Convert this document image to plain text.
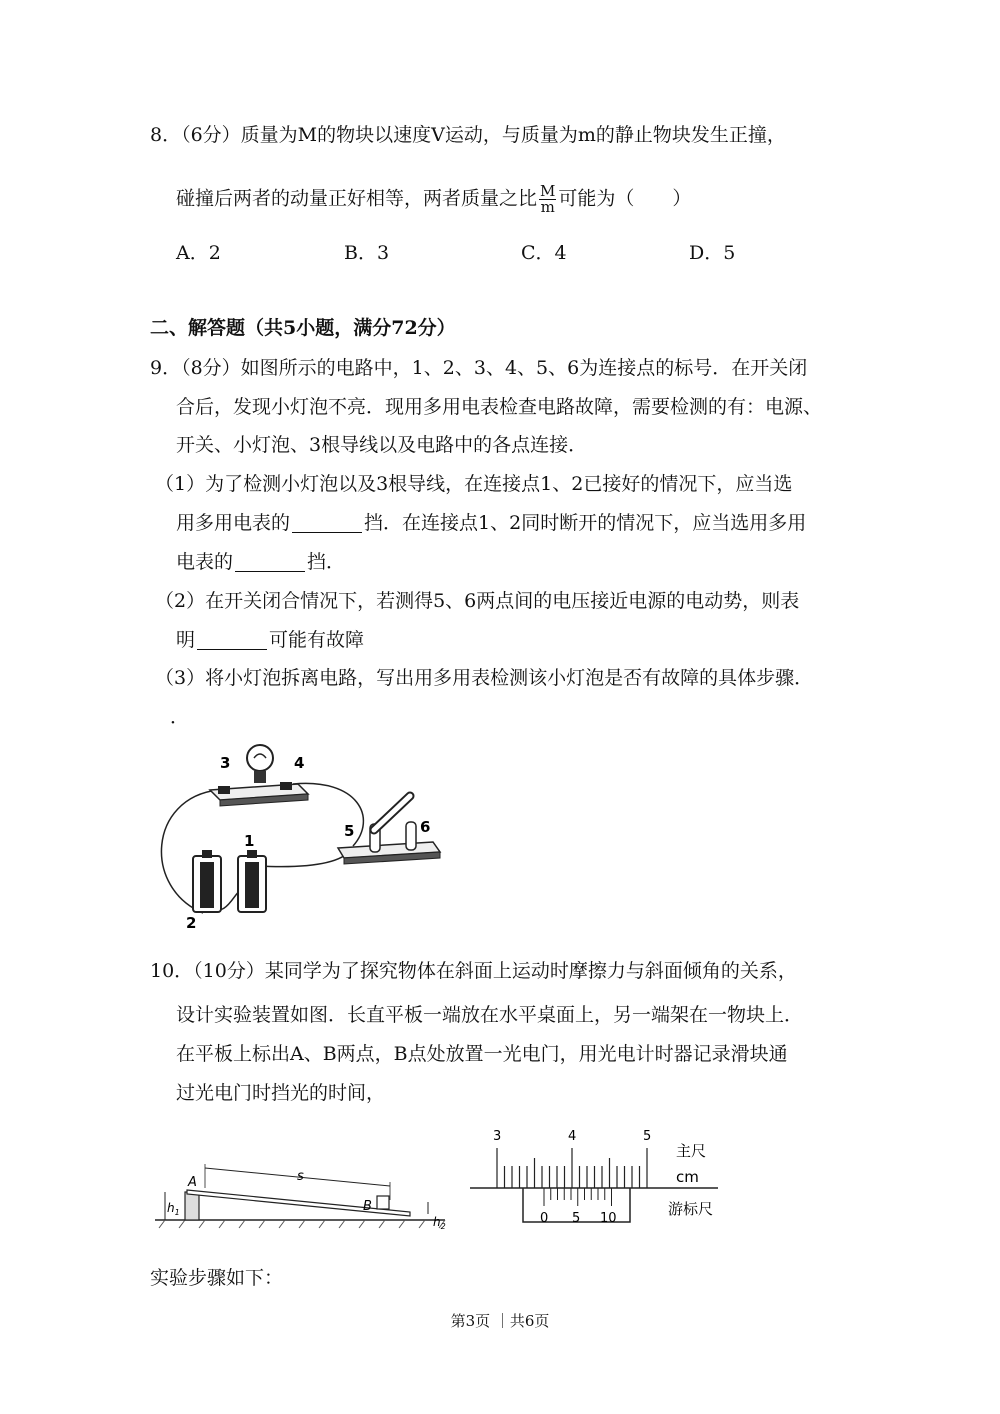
8．（6分）质量为M的物块以速度V运动，与质量为m的静止物块发生正撞，
碰撞后两者的动量正好相等，两者质量之比 $\frac{M}{m}$ 可能为（　　）
A．2	B．3	C．4	D．5
二、解答题（共5小题，满分72分）
9．（8分）如图所示的电路中，1、2、3、4、5、6为连接点的标号．在开关闭
合后，发现小灯泡不亮．现用多用电表检查电路故障，需要检测的有：电源、
开关、小灯泡、3根导线以及电路中的各点连接．
（1）为了检测小灯泡以及3根导线，在连接点1、2已接好的情况下，应当选
用多用电表的	挡．在连接点1、2同时断开的情况下，应当选用多用
电表的	挡．
（2）在开关闭合情况下，若测得5、6两点间的电压接近电源的电动势，则表
明	可能有故障
（3）将小灯泡拆离电路，写出用多用表检测该小灯泡是否有故障的具体步骤．
．
3	4
5	6
1
2
10．（10分）某同学为了探究物体在斜面上运动时摩擦力与斜面倾角的关系，
设计实验装置如图．长直平板一端放在水平桌面上，另一端架在一物块上．
在平板上标出A、B两点，B点处放置一光电门，用光电计时器记录滑块通
过光电门时挡光的时间，
A
B
s
$h_1$
$h_2$
3	4	5
0 5 10
主尺
cm
游标尺
实验步骤如下：
第3页 ｜共6页
